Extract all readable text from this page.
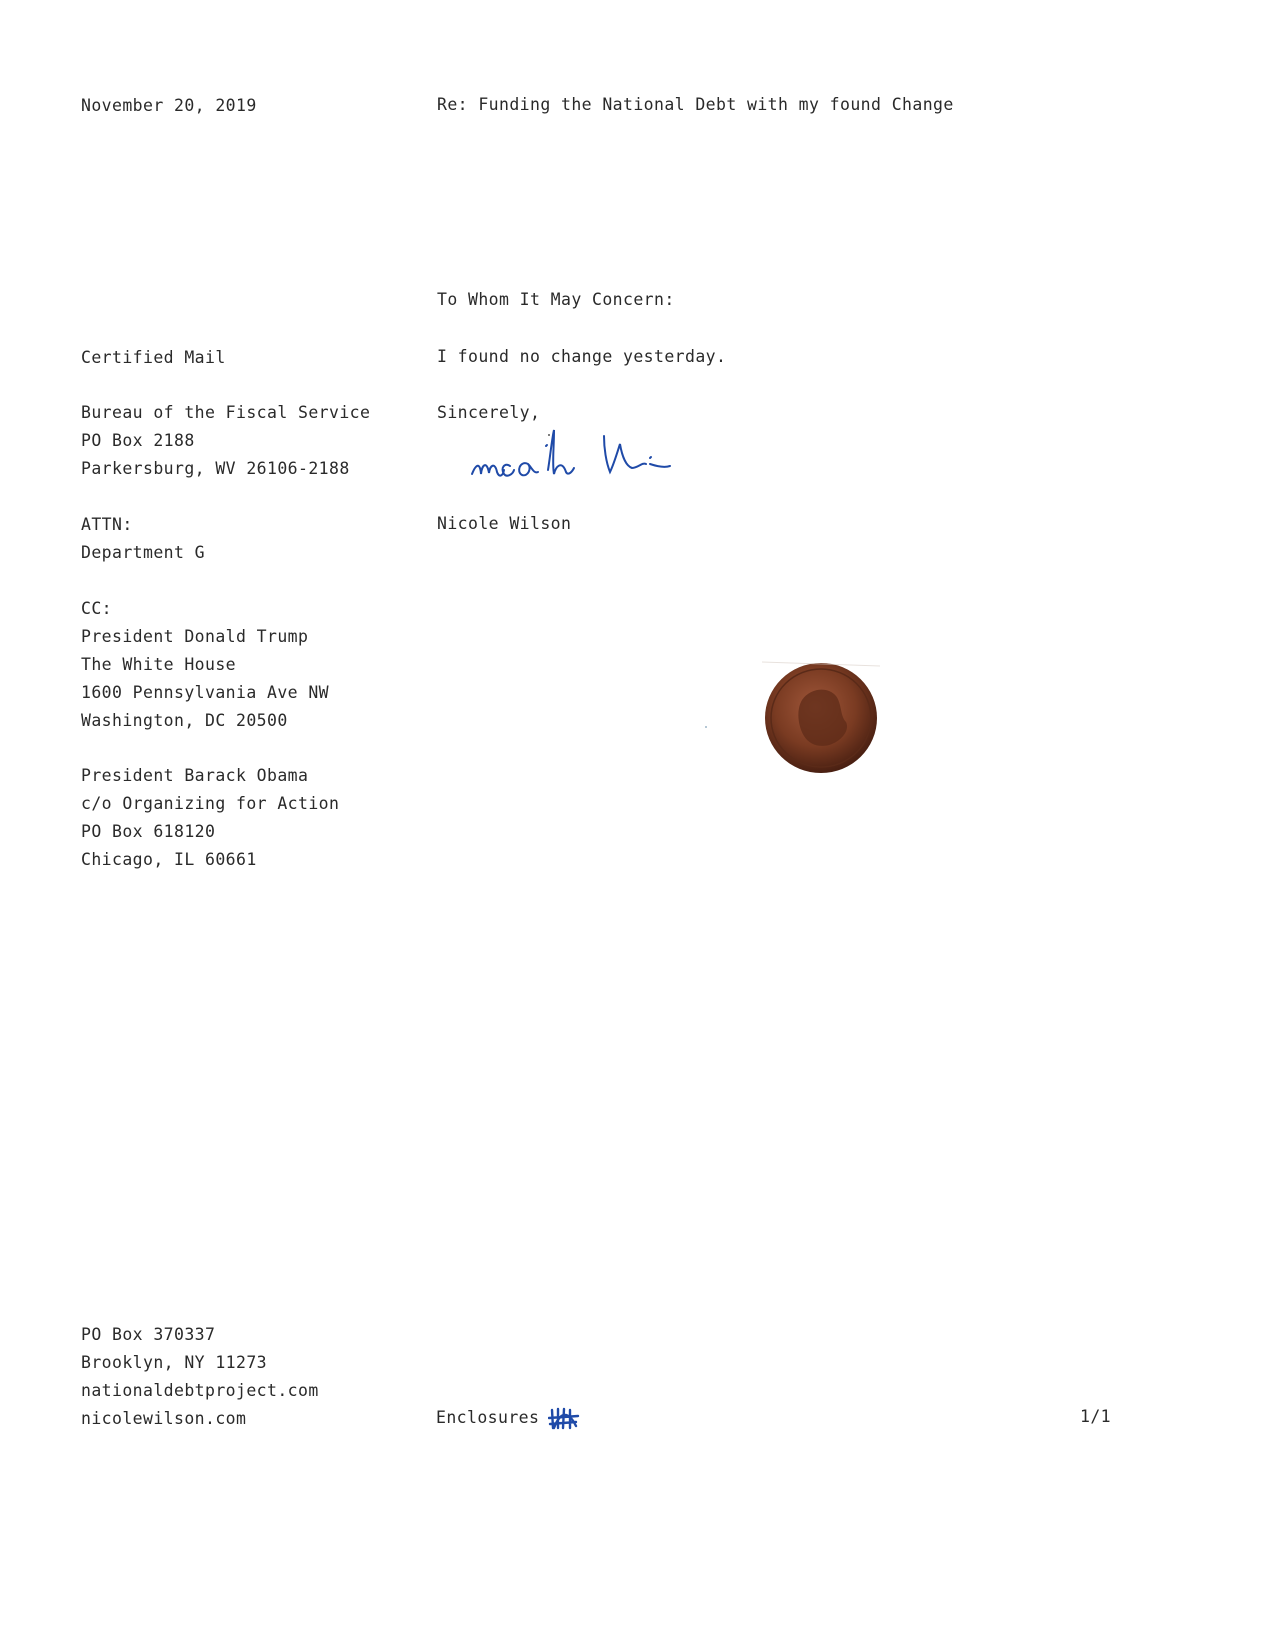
November 20, 2019	Re: Funding the National Debt with my found Change
To Whom It May Concern:
I found no change yesterday.
Sincerely,
Nicole Wilson
Certified Mail
Bureau of the Fiscal Service
PO Box 2188
Parkersburg, WV 26106-2188
ATTN:
Department G
CC:
President Donald Trump
The White House
1600 Pennsylvania Ave NW
Washington, DC 20500
President Barack Obama
c/o Organizing for Action
PO Box 618120
Chicago, IL 60661
PO Box 370337
Brooklyn, NY 11273
nationaldebtproject.com
nicolewilson.com	Enclosures	1/1
